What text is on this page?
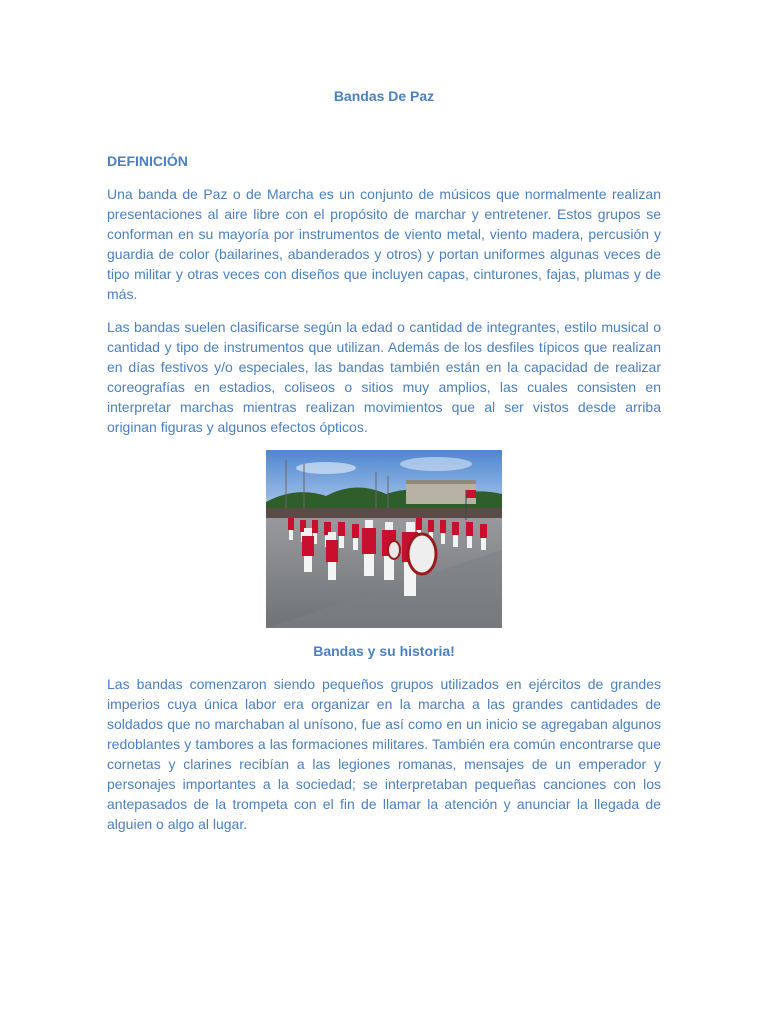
Bandas De Paz
DEFINICIÓN

Una banda de Paz o de Marcha es un conjunto de músicos que normalmente realizan presentaciones al aire libre con el propósito de marchar y entretener. Estos grupos se conforman en su mayoría por instrumentos de viento metal, viento madera, percusión y guardia de color (bailarines, abanderados y otros) y portan uniformes algunas veces de tipo militar y otras veces con diseños que incluyen capas, cinturones, fajas, plumas y de más.

Las bandas suelen clasificarse según la edad o cantidad de integrantes, estilo musical o cantidad y tipo de instrumentos que utilizan. Además de los desfiles típicos que realizan en días festivos y/o especiales, las bandas también están en la capacidad de realizar coreografías en estadios, coliseos o sitios muy amplios, las cuales consisten en interpretar marchas mientras realizan movimientos que al ser vistos desde arriba originan figuras y algunos efectos ópticos.

Bandas y su historia!

Las bandas comenzaron siendo pequeños grupos utilizados en ejércitos de grandes imperios cuya única labor era organizar en la marcha a las grandes cantidades de soldados que no marchaban al unísono, fue así como en un inicio se agregaban algunos redoblantes y tambores a las formaciones militares. También era común encontrarse que cornetas y clarines recibían a las legiones romanas, mensajes de un emperador y personajes importantes a la sociedad; se interpretaban pequeñas canciones con los antepasados de la trompeta con el fin de llamar la atención y anunciar la llegada de alguien o algo al lugar.
